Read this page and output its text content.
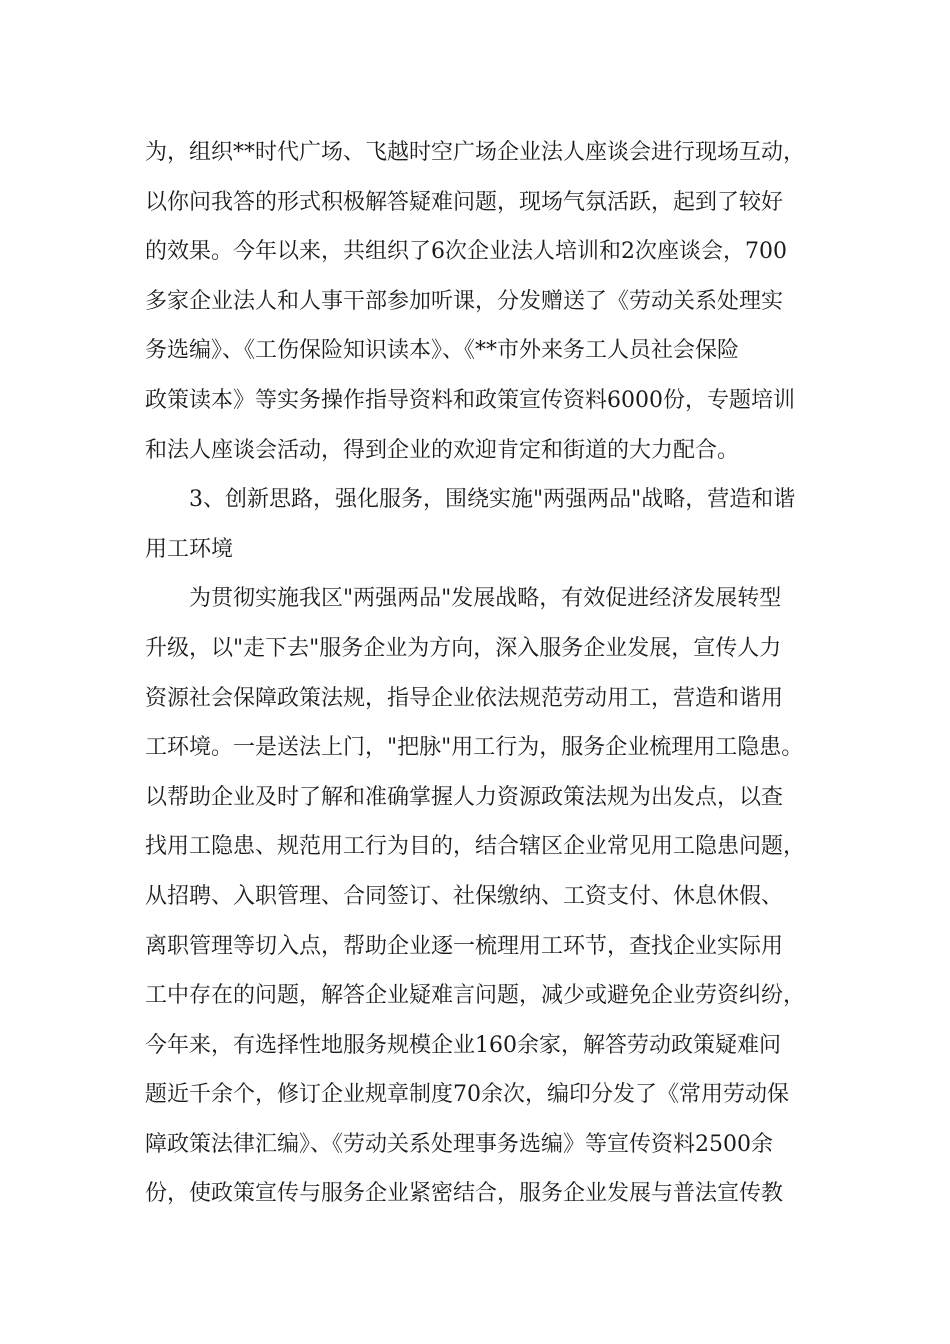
为，组织**时代广场、飞越时空广场企业法人座谈会进行现场互动，
以你问我答的形式积极解答疑难问题，现场气氛活跃，起到了较好
的效果。今年以来，共组织了6次企业法人培训和2次座谈会，700
多家企业法人和人事干部参加听课，分发赠送了《劳动关系处理实
务选编》、《工伤保险知识读本》、《**市外来务工人员社会保险
政策读本》等实务操作指导资料和政策宣传资料6000份，专题培训
和法人座谈会活动，得到企业的欢迎肯定和街道的大力配合。
3、创新思路，强化服务，围绕实施"两强两品"战略，营造和谐
用工环境
为贯彻实施我区"两强两品"发展战略，有效促进经济发展转型
升级，以"走下去"服务企业为方向，深入服务企业发展，宣传人力
资源社会保障政策法规，指导企业依法规范劳动用工，营造和谐用
工环境。一是送法上门，"把脉"用工行为，服务企业梳理用工隐患。
以帮助企业及时了解和准确掌握人力资源政策法规为出发点，以查
找用工隐患、规范用工行为目的，结合辖区企业常见用工隐患问题，
从招聘、入职管理、合同签订、社保缴纳、工资支付、休息休假、
离职管理等切入点，帮助企业逐一梳理用工环节，查找企业实际用
工中存在的问题，解答企业疑难言问题，减少或避免企业劳资纠纷，
今年来，有选择性地服务规模企业160余家，解答劳动政策疑难问
题近千余个，修订企业规章制度70余次，编印分发了《常用劳动保
障政策法律汇编》、《劳动关系处理事务选编》等宣传资料2500余
份，使政策宣传与服务企业紧密结合，服务企业发展与普法宣传教
